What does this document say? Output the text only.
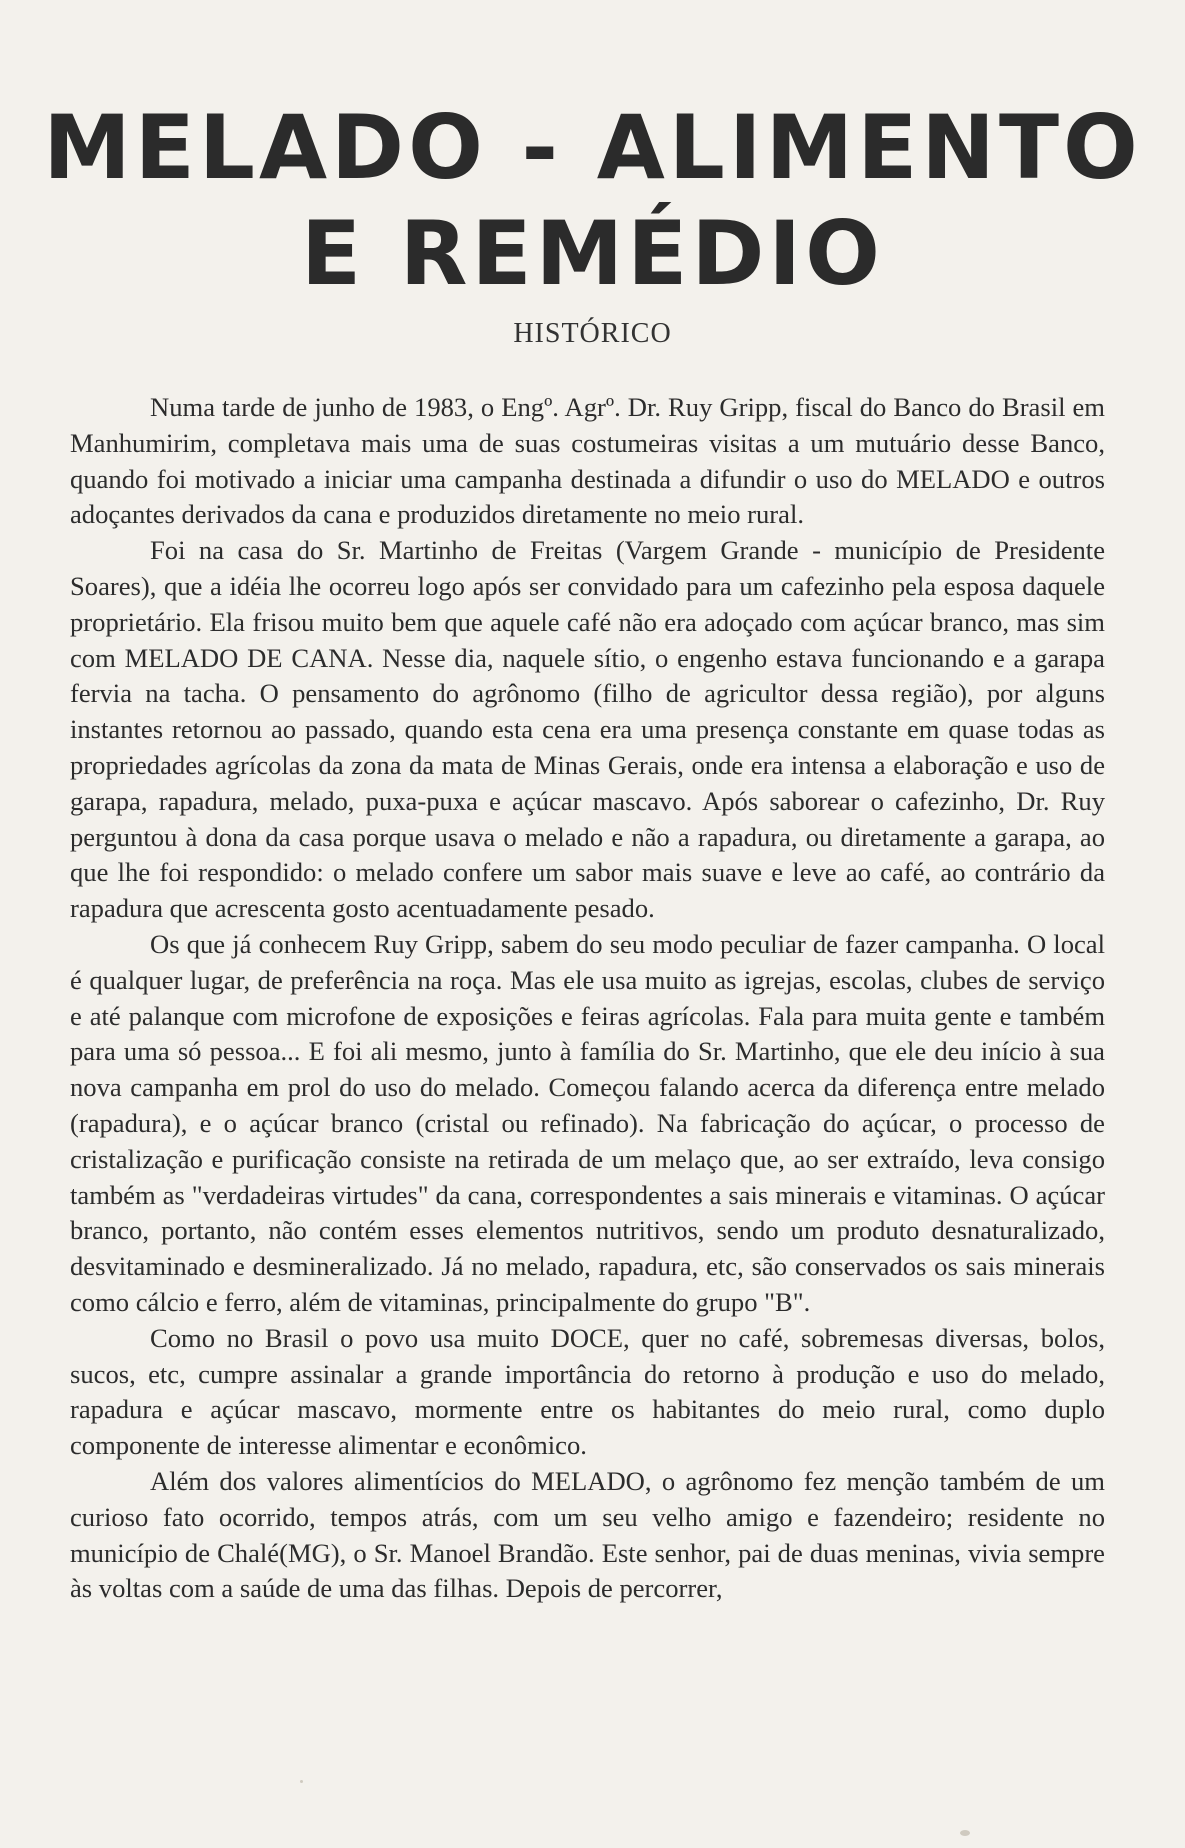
MELADO - ALIMENTO
E REMÉDIO
HISTÓRICO

Numa tarde de junho de 1983, o Engº. Agrº. Dr. Ruy Gripp, fiscal do Banco do Brasil em Manhumirim, completava mais uma de suas costumeiras visitas a um mutuário desse Banco, quando foi motivado a iniciar uma campanha destinada a difundir o uso do MELADO e outros adoçantes derivados da cana e produzidos diretamente no meio rural.

Foi na casa do Sr. Martinho de Freitas (Vargem Grande - município de Presidente Soares), que a idéia lhe ocorreu logo após ser convidado para um cafezinho pela esposa daquele proprietário. Ela frisou muito bem que aquele café não era adoçado com açúcar branco, mas sim com MELADO DE CANA. Nesse dia, naquele sítio, o engenho estava funcionando e a garapa fervia na tacha. O pensamento do agrônomo (filho de agricultor dessa região), por alguns instantes retornou ao passado, quando esta cena era uma presença constante em quase todas as propriedades agrícolas da zona da mata de Minas Gerais, onde era intensa a elaboração e uso de garapa, rapadura, melado, puxa-puxa e açúcar mascavo. Após saborear o cafezinho, Dr. Ruy perguntou à dona da casa porque usava o melado e não a rapadura, ou diretamente a garapa, ao que lhe foi respondido: o melado confere um sabor mais suave e leve ao café, ao contrário da rapadura que acrescenta gosto acentuadamente pesado.

Os que já conhecem Ruy Gripp, sabem do seu modo peculiar de fazer campanha. O local é qualquer lugar, de preferência na roça. Mas ele usa muito as igrejas, escolas, clubes de serviço e até palanque com microfone de exposições e feiras agrícolas. Fala para muita gente e também para uma só pessoa... E foi ali mesmo, junto à família do Sr. Martinho, que ele deu início à sua nova campanha em prol do uso do melado. Começou falando acerca da diferença entre melado (rapadura), e o açúcar branco (cristal ou refinado). Na fabricação do açúcar, o processo de cristalização e purificação consiste na retirada de um melaço que, ao ser extraído, leva consigo também as "verdadeiras virtudes" da cana, correspondentes a sais minerais e vitaminas. O açúcar branco, portanto, não contém esses elementos nutritivos, sendo um produto desnaturalizado, desvitaminado e desmineralizado. Já no melado, rapadura, etc, são conservados os sais minerais como cálcio e ferro, além de vitaminas, principalmente do grupo "B".

Como no Brasil o povo usa muito DOCE, quer no café, sobremesas diversas, bolos, sucos, etc, cumpre assinalar a grande importância do retorno à produção e uso do melado, rapadura e açúcar mascavo, mormente entre os habitantes do meio rural, como duplo componente de interesse alimentar e econômico.

Além dos valores alimentícios do MELADO, o agrônomo fez menção também de um curioso fato ocorrido, tempos atrás, com um seu velho amigo e fazendeiro; residente no município de Chalé(MG), o Sr. Manoel Brandão. Este senhor, pai de duas meninas, vivia sempre às voltas com a saúde de uma das filhas. Depois de percorrer,
